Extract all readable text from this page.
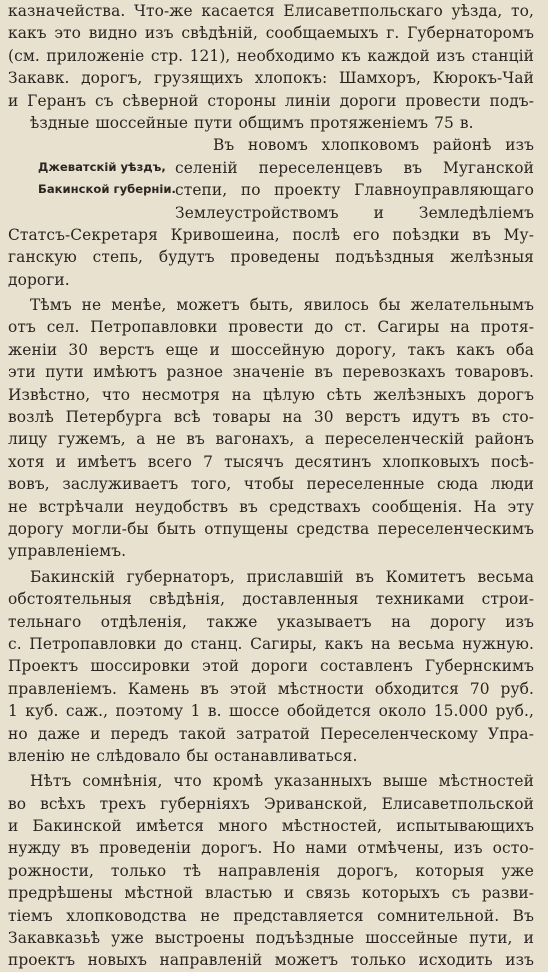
казначейства. Что-же касается Елисаветпольскаго уѣзда, то,
какъ это видно изъ свѣдѣній, сообщаемыхъ г. Губернаторомъ
(см. приложеніе стр. 121), необходимо къ каждой изъ станцій
Закавк. дорогъ, грузящихъ хлопокъ: Шамхоръ, Кюрокъ-Чай
и Геранъ съ сѣверной стороны линіи дороги провести подъ-
ѣздные шоссейные пути общимъ протяженіемъ 75 в.
Джеватскій уѣздъ,
Бакинской губерніи.
Въ новомъ хлопковомъ районѣ изъ
селеній переселенцевъ въ Муганской
степи, по проекту Главноуправляющаго
Землеустройствомъ и Земледѣліемъ
Статсъ-Секретаря Кривошеина, послѣ его поѣздки въ Му-
ганскую степь, будутъ проведены подъѣздныя желѣзныя
дороги.
Тѣмъ не менѣе, можетъ быть, явилось бы желательнымъ
отъ сел. Петропавловки провести до ст. Сагиры на протя-
женіи 30 верстъ еще и шоссейную дорогу, такъ какъ оба
эти пути имѣютъ разное значеніе въ перевозкахъ товаровъ.
Извѣстно, что несмотря на цѣлую сѣть желѣзныхъ дорогъ
возлѣ Петербурга всѣ товары на 30 верстъ идутъ въ сто-
лицу гужемъ, а не въ вагонахъ, а переселенческій районъ
хотя и имѣетъ всего 7 тысячъ десятинъ хлопковыхъ посѣ-
вовъ, заслуживаетъ того, чтобы переселенные сюда люди
не встрѣчали неудобствъ въ средствахъ сообщенія. На эту
дорогу могли-бы быть отпущены средства переселенческимъ
управленіемъ.
Бакинскій губернаторъ, приславшій въ Комитетъ весьма
обстоятельныя свѣдѣнія, доставленныя техниками строи-
тельнаго отдѣленія, также указываетъ на дорогу изъ
с. Петропавловки до станц. Сагиры, какъ на весьма нужную.
Проектъ шоссировки этой дороги составленъ Губернскимъ
правленіемъ. Камень въ этой мѣстности обходится 70 руб.
1 куб. саж., поэтому 1 в. шоссе обойдется около 15.000 руб.,
но даже и передъ такой затратой Переселенческому Упра-
вленію не слѣдовало бы останавливаться.
Нѣтъ сомнѣнія, что кромѣ указанныхъ выше мѣстностей
во всѣхъ трехъ губерніяхъ Эриванской, Елисаветпольской
и Бакинской имѣется много мѣстностей, испытывающихъ
нужду въ проведеніи дорогъ. Но нами отмѣчены, изъ осто-
рожности, только тѣ направленія дорогъ, которыя уже
предрѣшены мѣстной властью и связь которыхъ съ разви-
тіемъ хлопководства не представляется сомнительной. Въ
Закавказьѣ уже выстроены подъѣздные шоссейные пути, и
проектъ новыхъ направленій можетъ только исходить изъ
